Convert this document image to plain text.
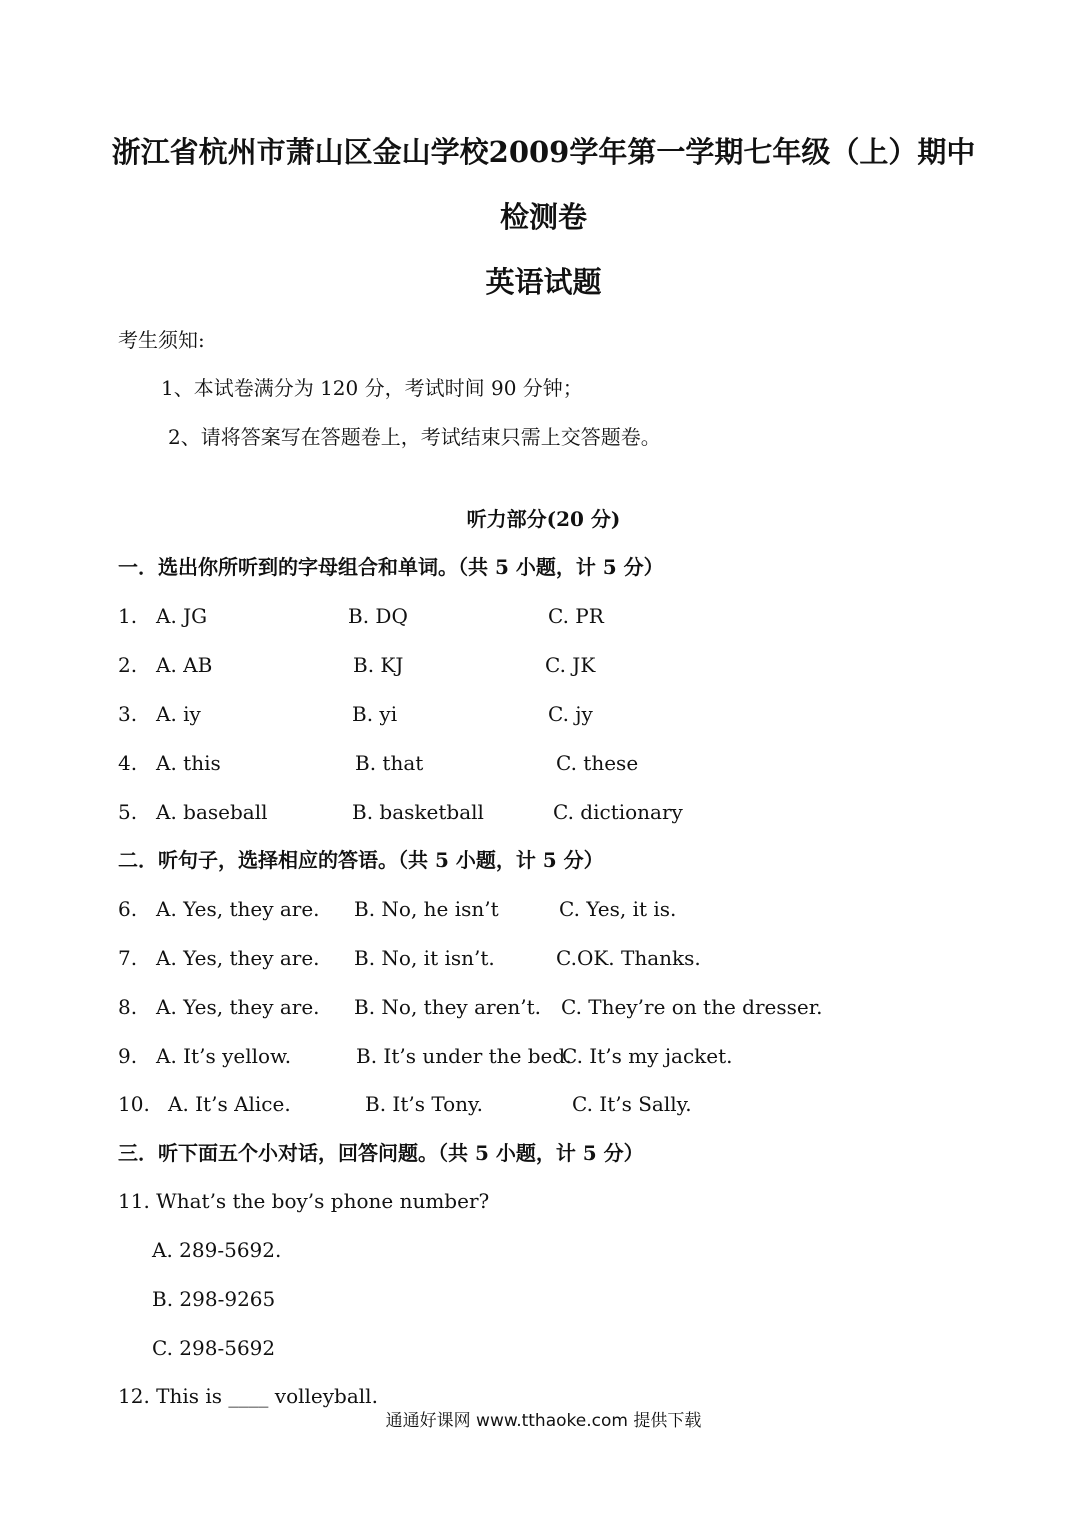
浙江省杭州市萧山区金山学校2009学年第一学期七年级（上）期中
检测卷
英语试题
考生须知:
1、本试卷满分为 120 分，考试时间 90 分钟；
2、请将答案写在答题卷上，考试结束只需上交答题卷。
听力部分(20 分)
一．选出你所听到的字母组合和单词。（共 5 小题，计 5 分）
1. A. JG	B. DQ	C. PR
2. A. AB	B. KJ	C. JK
3. A. iy	B. yi	C. jy
4. A. this	B. that	C. these
5. A. baseball	B. basketball	C. dictionary
二．听句子，选择相应的答语。（共 5 小题，计 5 分）
6. A. Yes, they are. B. No, he isn’t	C. Yes, it is.
7. A. Yes, they are. B. No, it isn’t.	C.OK. Thanks.
8. A. Yes, they are. B. No, they aren’t. C. They’re on the dresser.
9. A. It’s yellow.	B. It’s under the bed.
C. It’s my jacket.
10. A. It’s Alice.	B. It’s Tony.	C. It’s Sally.
三．听下面五个小对话，回答问题。（共 5 小题，计 5 分）
11. What’s the boy’s phone number?
A. 289-5692.
B. 298-9265
C. 298-5692
12. This is ____ volleyball.
通通好课网 www.tthaoke.com 提供下载
